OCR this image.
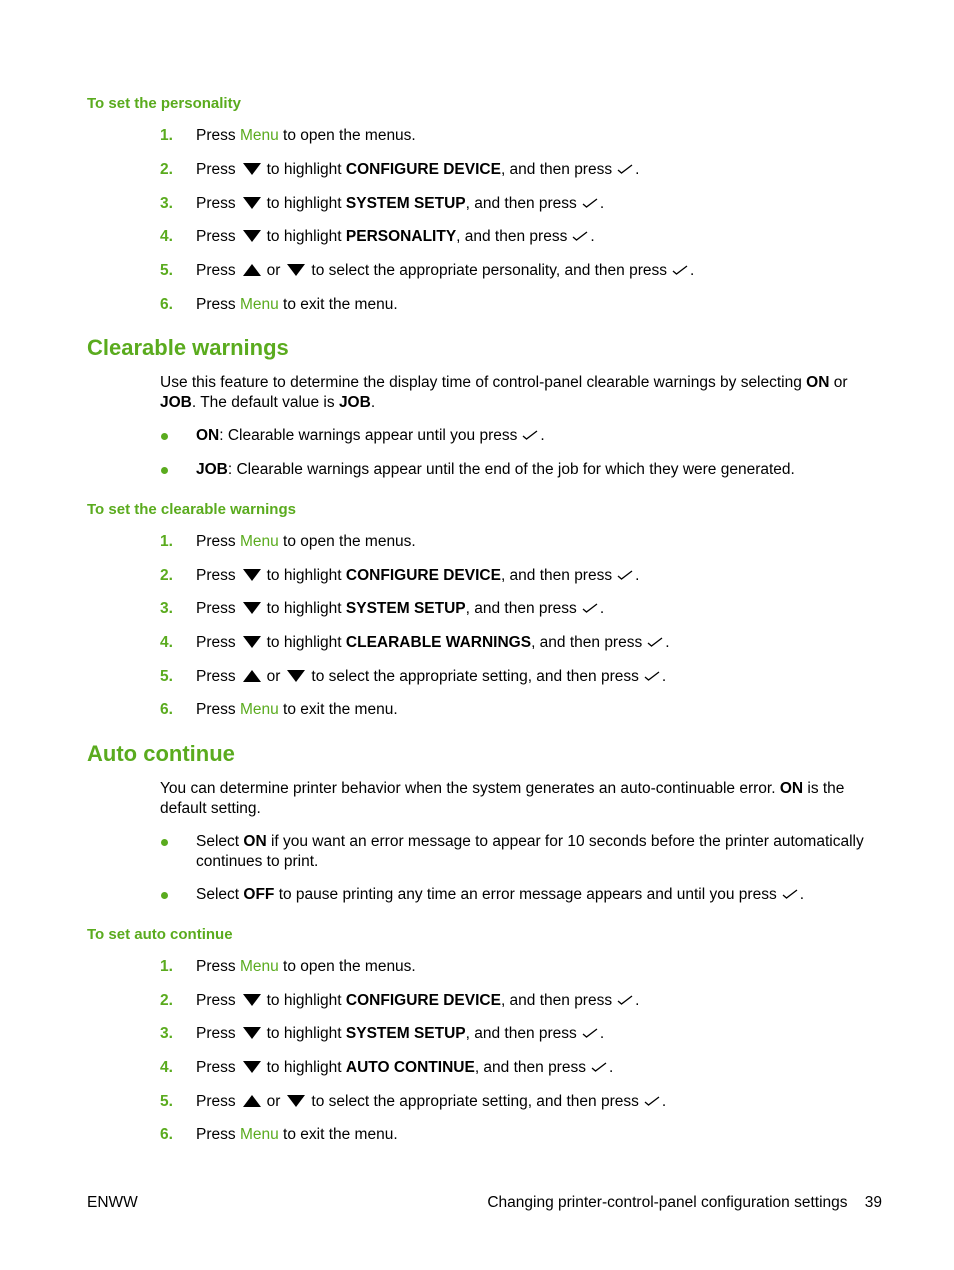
To set the personality
1. Press Menu to open the menus.
2. Press to highlight CONFIGURE DEVICE, and then press .
3. Press to highlight SYSTEM SETUP, and then press .
4. Press to highlight PERSONALITY, and then press .
5. Press or to select the appropriate personality, and then press .
6. Press Menu to exit the menu.
Clearable warnings
Use this feature to determine the display time of control-panel clearable warnings by selecting ON or JOB. The default value is JOB.
ON: Clearable warnings appear until you press .
JOB: Clearable warnings appear until the end of the job for which they were generated.
To set the clearable warnings
1. Press Menu to open the menus.
2. Press to highlight CONFIGURE DEVICE, and then press .
3. Press to highlight SYSTEM SETUP, and then press .
4. Press to highlight CLEARABLE WARNINGS, and then press .
5. Press or to select the appropriate setting, and then press .
6. Press Menu to exit the menu.
Auto continue
You can determine printer behavior when the system generates an auto-continuable error. ON is the default setting.
Select ON if you want an error message to appear for 10 seconds before the printer automatically continues to print.
Select OFF to pause printing any time an error message appears and until you press .
To set auto continue
1. Press Menu to open the menus.
2. Press to highlight CONFIGURE DEVICE, and then press .
3. Press to highlight SYSTEM SETUP, and then press .
4. Press to highlight AUTO CONTINUE, and then press .
5. Press or to select the appropriate setting, and then press .
6. Press Menu to exit the menu.
ENWW	Changing printer-control-panel configuration settings 39
